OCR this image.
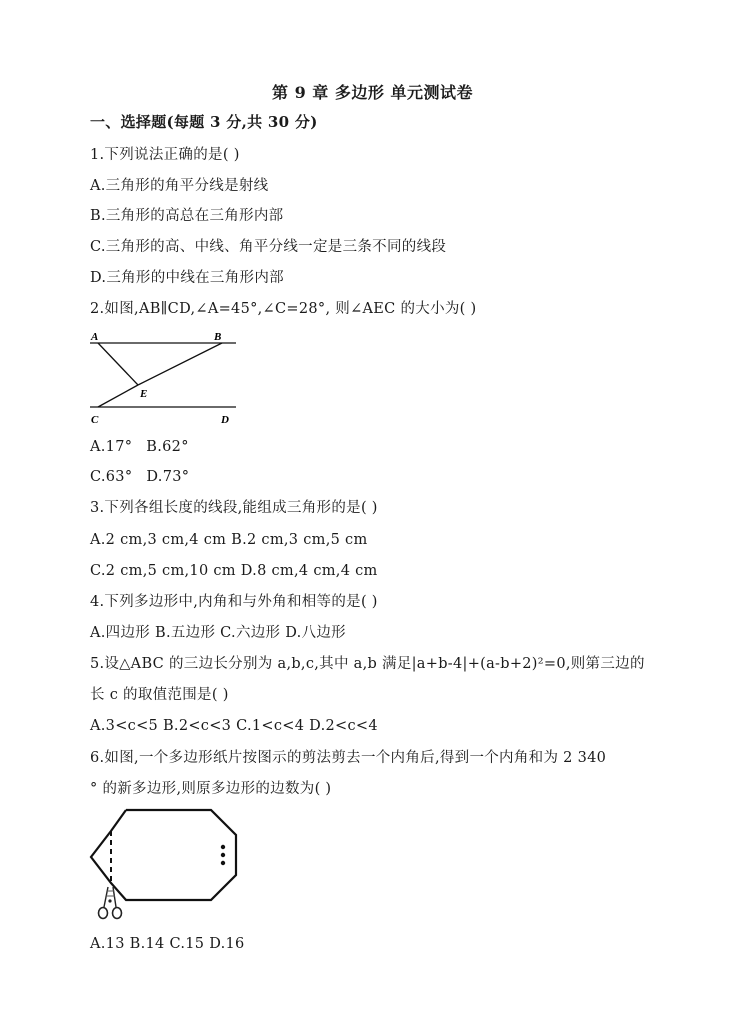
第 9 章 多边形 单元测试卷
一、选择题(每题 3 分,共 30 分)
1.下列说法正确的是( )
A.三角形的角平分线是射线
B.三角形的高总在三角形内部
C.三角形的高、中线、角平分线一定是三条不同的线段
D.三角形的中线在三角形内部
2.如图,AB∥CD,∠A=45°,∠C=28°, 则∠AEC 的大小为( )
A	B
E
C	D
A.17° B.62°
C.63° D.73°
3.下列各组长度的线段,能组成三角形的是( )
A.2 cm,3 cm,4 cm B.2 cm,3 cm,5 cm
C.2 cm,5 cm,10 cm D.8 cm,4 cm,4 cm
4.下列多边形中,内角和与外角和相等的是( )
A.四边形 B.五边形 C.六边形 D.八边形
5.设△ABC 的三边长分别为 a,b,c,其中 a,b 满足|a+b-4|+(a-b+2)²=0,则第三边的
长 c 的取值范围是( )
A.3<c<5 B.2<c<3 C.1<c<4 D.2<c<4
6.如图,一个多边形纸片按图示的剪法剪去一个内角后,得到一个内角和为 2 340
° 的新多边形,则原多边形的边数为( )
A.13 B.14 C.15 D.16
